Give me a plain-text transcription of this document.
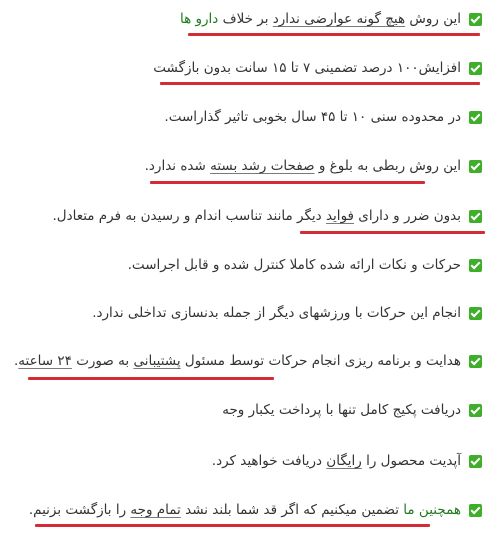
این روش هیچ گونه عوارضی ندارد بر خلاف دارو ها
افزایش۱۰۰ درصد تضمینی ۷ تا ۱۵ سانت بدون بازگشت
در محدوده سنی ۱۰ تا ۴۵ سال بخوبی تاثیر گذاراست.
این روش ربطی به بلوغ و صفحات رشد بسته شده ندارد.
بدون ضرر و دارای فواید دیگر مانند تناسب اندام و رسیدن به فرم متعادل.
حرکات و نکات ارائه شده کاملا کنترل شده و قابل اجراست.
انجام این حرکات با ورزشهای دیگر از جمله بدنسازی تداخلی ندارد.
هدایت و برنامه ریزی انجام حرکات توسط مسئول پشتیبانی به صورت ۲۴ ساعته.
دریافت پکیج کامل تنها با پرداخت یکبار وجه
آپدیت محصول را رایگان دریافت خواهید کرد.
همچنین ما تضمین میکنیم که اگر قد شما بلند نشد تمام وجه را بازگشت بزنیم.
